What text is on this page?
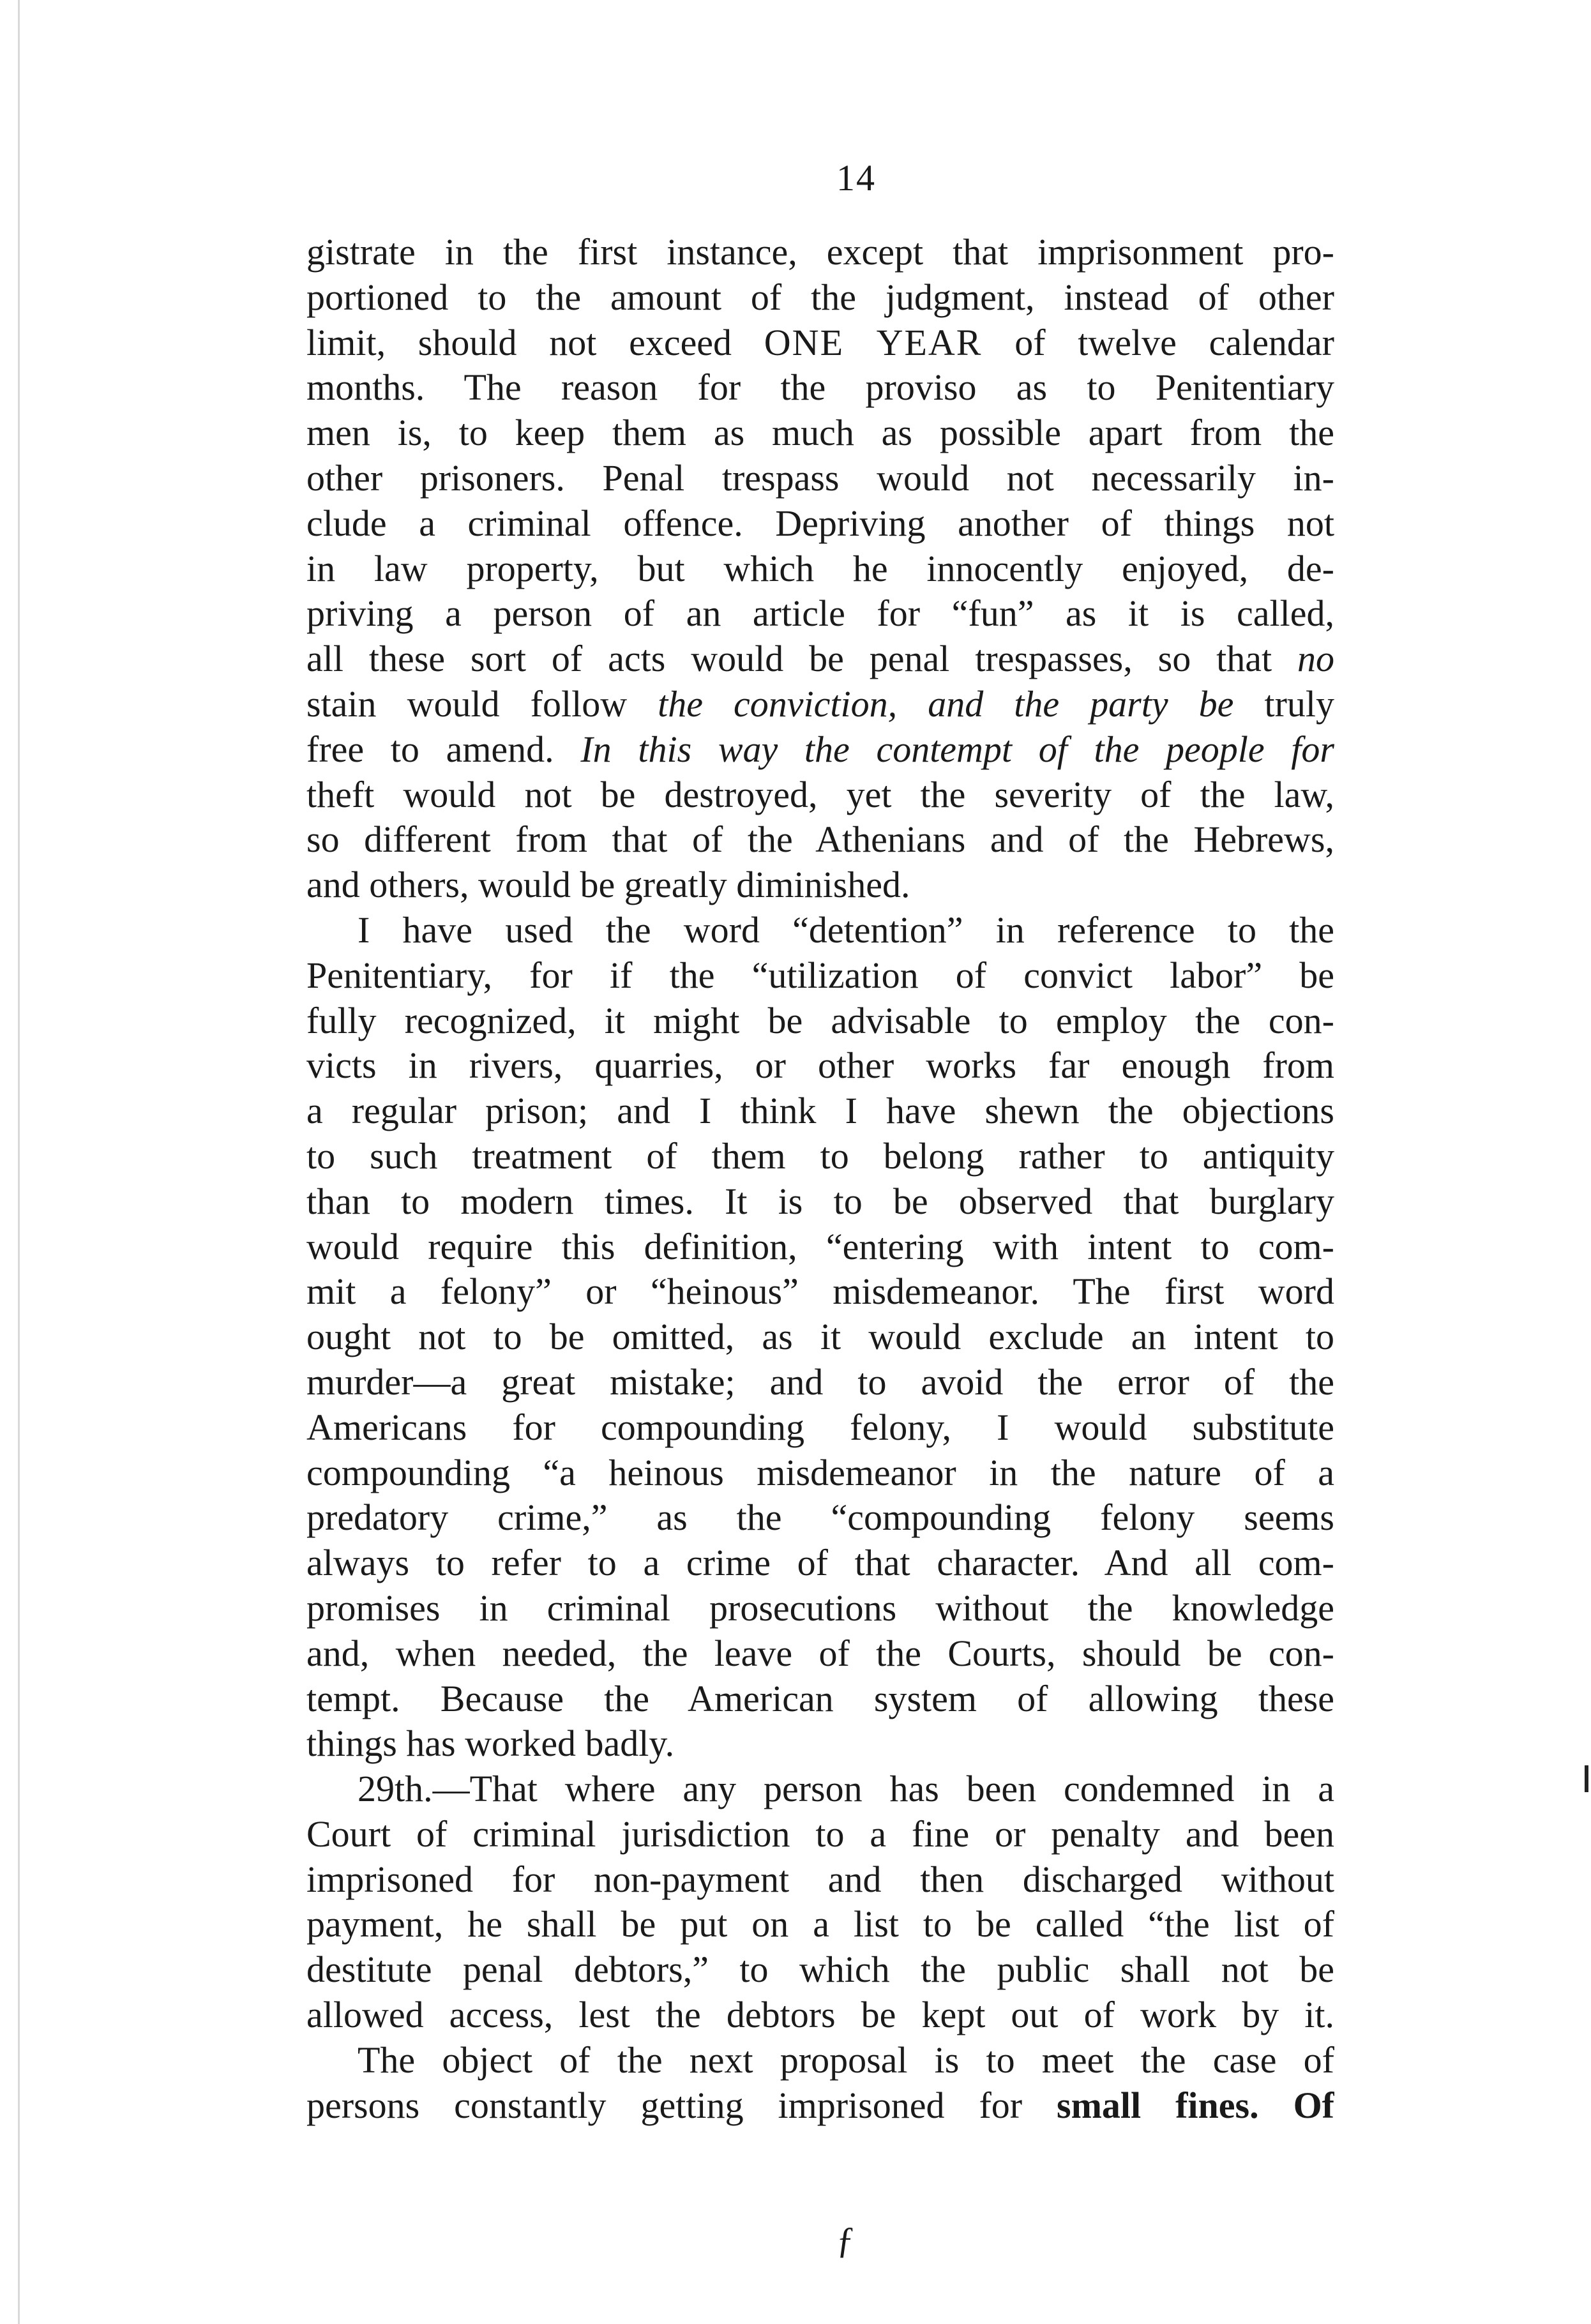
14
gistrate in the first instance, except that imprisonment pro-
portioned to the amount of the judgment, instead of other
limit, should not exceed ONE YEAR of twelve calendar
months. The reason for the proviso as to Penitentiary
men is, to keep them as much as possible apart from the
other prisoners. Penal trespass would not necessarily in-
clude a criminal offence. Depriving another of things not
in law property, but which he innocently enjoyed, de-
priving a person of an article for “fun” as it is called,
all these sort of acts would be penal trespasses, so that no
stain would follow the conviction, and the party be truly
free to amend. In this way the contempt of the people for
theft would not be destroyed, yet the severity of the law,
so different from that of the Athenians and of the Hebrews,
and others, would be greatly diminished.
I have used the word “detention” in reference to the
Penitentiary, for if the “utilization of convict labor” be
fully recognized, it might be advisable to employ the con-
victs in rivers, quarries, or other works far enough from
a regular prison; and I think I have shewn the objections
to such treatment of them to belong rather to antiquity
than to modern times. It is to be observed that burglary
would require this definition, “entering with intent to com-
mit a felony” or “heinous” misdemeanor. The first word
ought not to be omitted, as it would exclude an intent to
murder—a great mistake; and to avoid the error of the
Americans for compounding felony, I would substitute
compounding “a heinous misdemeanor in the nature of a
predatory crime,” as the “compounding felony seems
always to refer to a crime of that character. And all com-
promises in criminal prosecutions without the knowledge
and, when needed, the leave of the Courts, should be con-
tempt. Because the American system of allowing these
things has worked badly.
29th.—That where any person has been condemned in a
Court of criminal jurisdiction to a fine or penalty and been
imprisoned for non-payment and then discharged without
payment, he shall be put on a list to be called “the list of
destitute penal debtors,” to which the public shall not be
allowed access, lest the debtors be kept out of work by it.
The object of the next proposal is to meet the case of
persons constantly getting imprisoned for small fines. Of
ƒ
